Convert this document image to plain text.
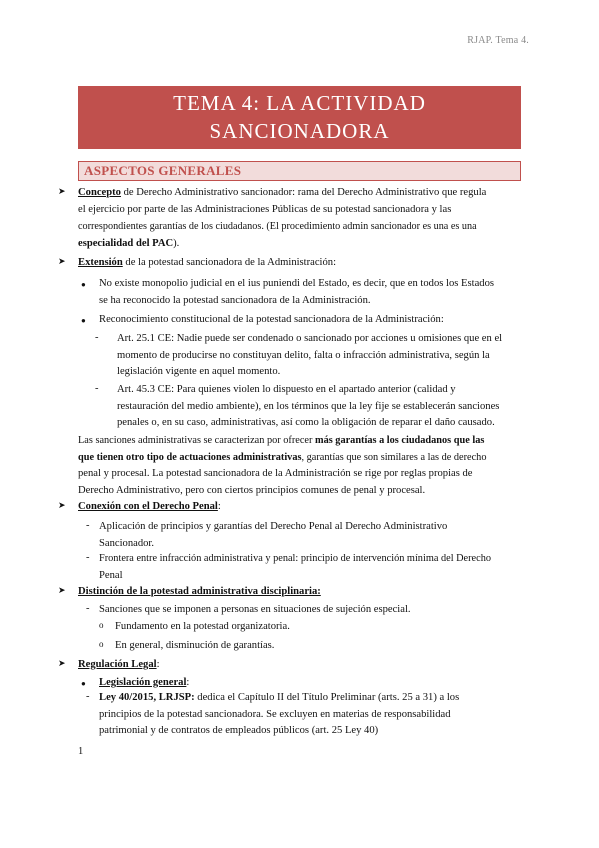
RJAP. Tema 4.
TEMA 4: LA ACTIVIDAD
SANCIONADORA
ASPECTOS GENERALES
➤ Concepto de Derecho Administrativo sancionador: rama del Derecho Administrativo que regula
el ejercicio por parte de las Administraciones Públicas de su potestad sancionadora y las
correspondientes garantías de los ciudadanos. (El procedimiento admin sancionador es una es una
especialidad del PAC).
➤ Extensión de la potestad sancionadora de la Administración:
● No existe monopolio judicial en el ius puniendi del Estado, es decir, que en todos los Estados
se ha reconocido la potestad sancionadora de la Administración.
● Reconocimiento constitucional de la potestad sancionadora de la Administración:
- Art. 25.1 CE: Nadie puede ser condenado o sancionado por acciones u omisiones que en el
momento de producirse no constituyan delito, falta o infracción administrativa, según la
legislación vigente en aquel momento.
- Art. 45.3 CE: Para quienes violen lo dispuesto en el apartado anterior (calidad y
restauración del medio ambiente), en los términos que la ley fije se establecerán sanciones
penales o, en su caso, administrativas, así como la obligación de reparar el daño causado.
Las sanciones administrativas se caracterizan por ofrecer más garantías a los ciudadanos que las
que tienen otro tipo de actuaciones administrativas, garantías que son similares a las de derecho
penal y procesal. La potestad sancionadora de la Administración se rige por reglas propias de
Derecho Administrativo, pero con ciertos principios comunes de penal y procesal.
➤ Conexión con el Derecho Penal:
- Aplicación de principios y garantías del Derecho Penal al Derecho Administrativo
Sancionador.
- Frontera entre infracción administrativa y penal: principio de intervención mínima del Derecho
Penal
➤ Distinción de la potestad administrativa disciplinaria:
- Sanciones que se imponen a personas en situaciones de sujeción especial.
o Fundamento en la potestad organizatoria.
o En general, disminución de garantías.
➤ Regulación Legal:
● Legislación general:
- Ley 40/2015, LRJSP: dedica el Capítulo II del Título Preliminar (arts. 25 a 31) a los
principios de la potestad sancionadora. Se excluyen en materias de responsabilidad
patrimonial y de contratos de empleados públicos (art. 25 Ley 40)
1
